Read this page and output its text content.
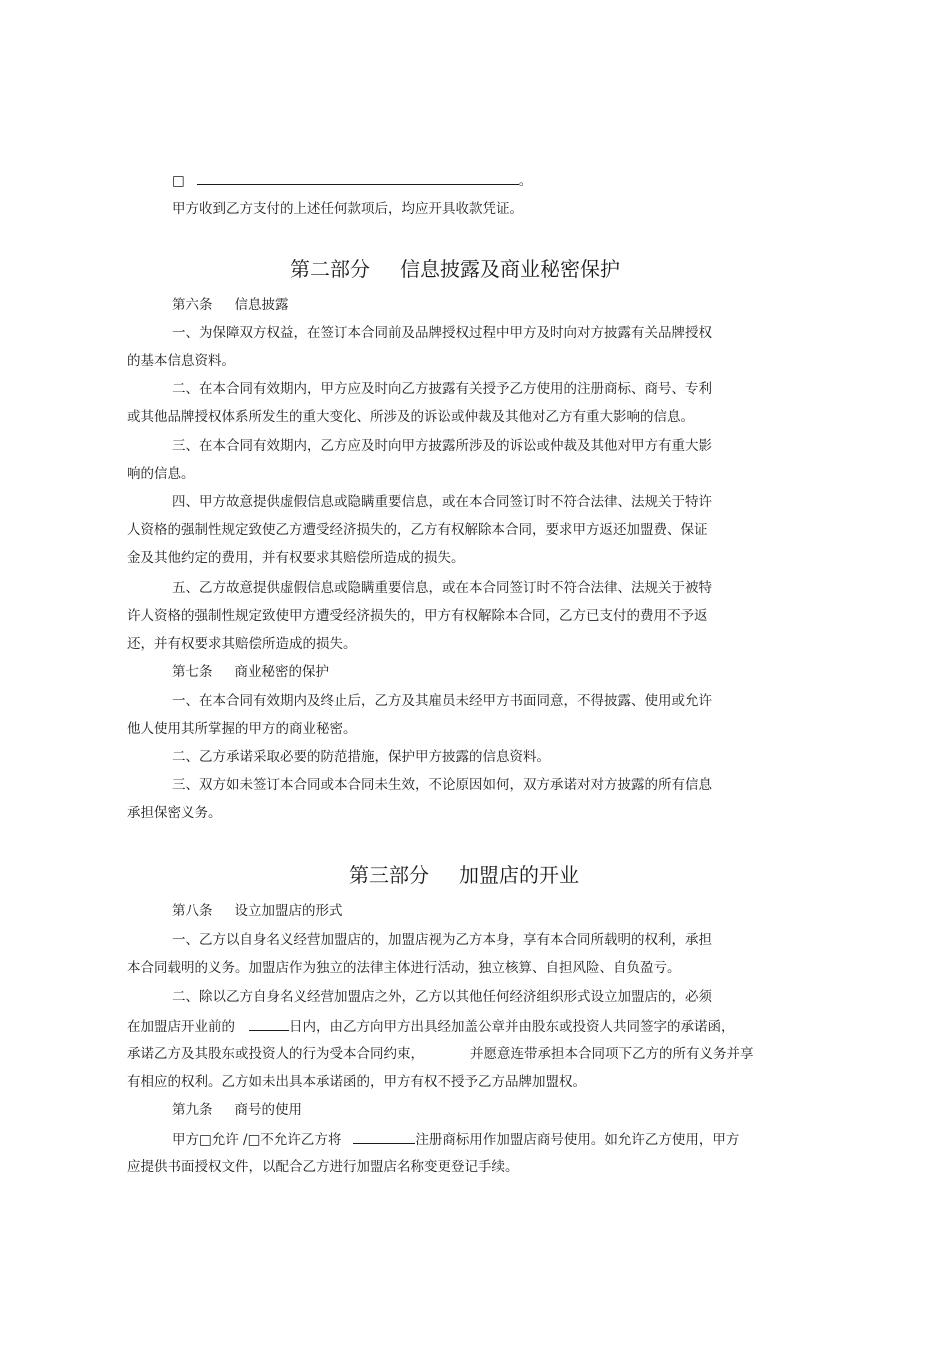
□	。
甲方收到乙方支付的上述任何款项后，均应开具收款凭证。
第二部分 信息披露及商业秘密保护
第六条 信息披露
一、为保障双方权益，在签订本合同前及品牌授权过程中甲方及时向对方披露有关品牌授权
的基本信息资料。
二、在本合同有效期内，甲方应及时向乙方披露有关授予乙方使用的注册商标、商号、专利
或其他品牌授权体系所发生的重大变化、所涉及的诉讼或仲裁及其他对乙方有重大影响的信息。
三、在本合同有效期内，乙方应及时向甲方披露所涉及的诉讼或仲裁及其他对甲方有重大影
响的信息。
四、甲方故意提供虚假信息或隐瞒重要信息，或在本合同签订时不符合法律、法规关于特许
人资格的强制性规定致使乙方遭受经济损失的，乙方有权解除本合同，要求甲方返还加盟费、保证
金及其他约定的费用，并有权要求其赔偿所造成的损失。
五、乙方故意提供虚假信息或隐瞒重要信息，或在本合同签订时不符合法律、法规关于被特
许人资格的强制性规定致使甲方遭受经济损失的，甲方有权解除本合同，乙方已支付的费用不予返
还，并有权要求其赔偿所造成的损失。
第七条 商业秘密的保护
一、在本合同有效期内及终止后，乙方及其雇员未经甲方书面同意，不得披露、使用或允许
他人使用其所掌握的甲方的商业秘密。
二、乙方承诺采取必要的防范措施，保护甲方披露的信息资料。
三、双方如未签订本合同或本合同未生效，不论原因如何，双方承诺对对方披露的所有信息
承担保密义务。
第三部分 加盟店的开业
第八条 设立加盟店的形式
一、乙方以自身名义经营加盟店的，加盟店视为乙方本身，享有本合同所载明的权利，承担
本合同载明的义务。加盟店作为独立的法律主体进行活动，独立核算、自担风险、自负盈亏。
二、除以乙方自身名义经营加盟店之外，乙方以其他任何经济组织形式设立加盟店的，必须
在加盟店开业前的	日内，由乙方向甲方出具经加盖公章并由股东或投资人共同签字的承诺函，
承诺乙方及其股东或投资人的行为受本合同约束，	并愿意连带承担本合同项下乙方的所有义务并享
有相应的权利。乙方如未出具本承诺函的，甲方有权不授予乙方品牌加盟权。
第九条 商号的使用
甲方□允许 /□不允许乙方将	注册商标用作加盟店商号使用。如允许乙方使用，甲方
应提供书面授权文件，以配合乙方进行加盟店名称变更登记手续。
